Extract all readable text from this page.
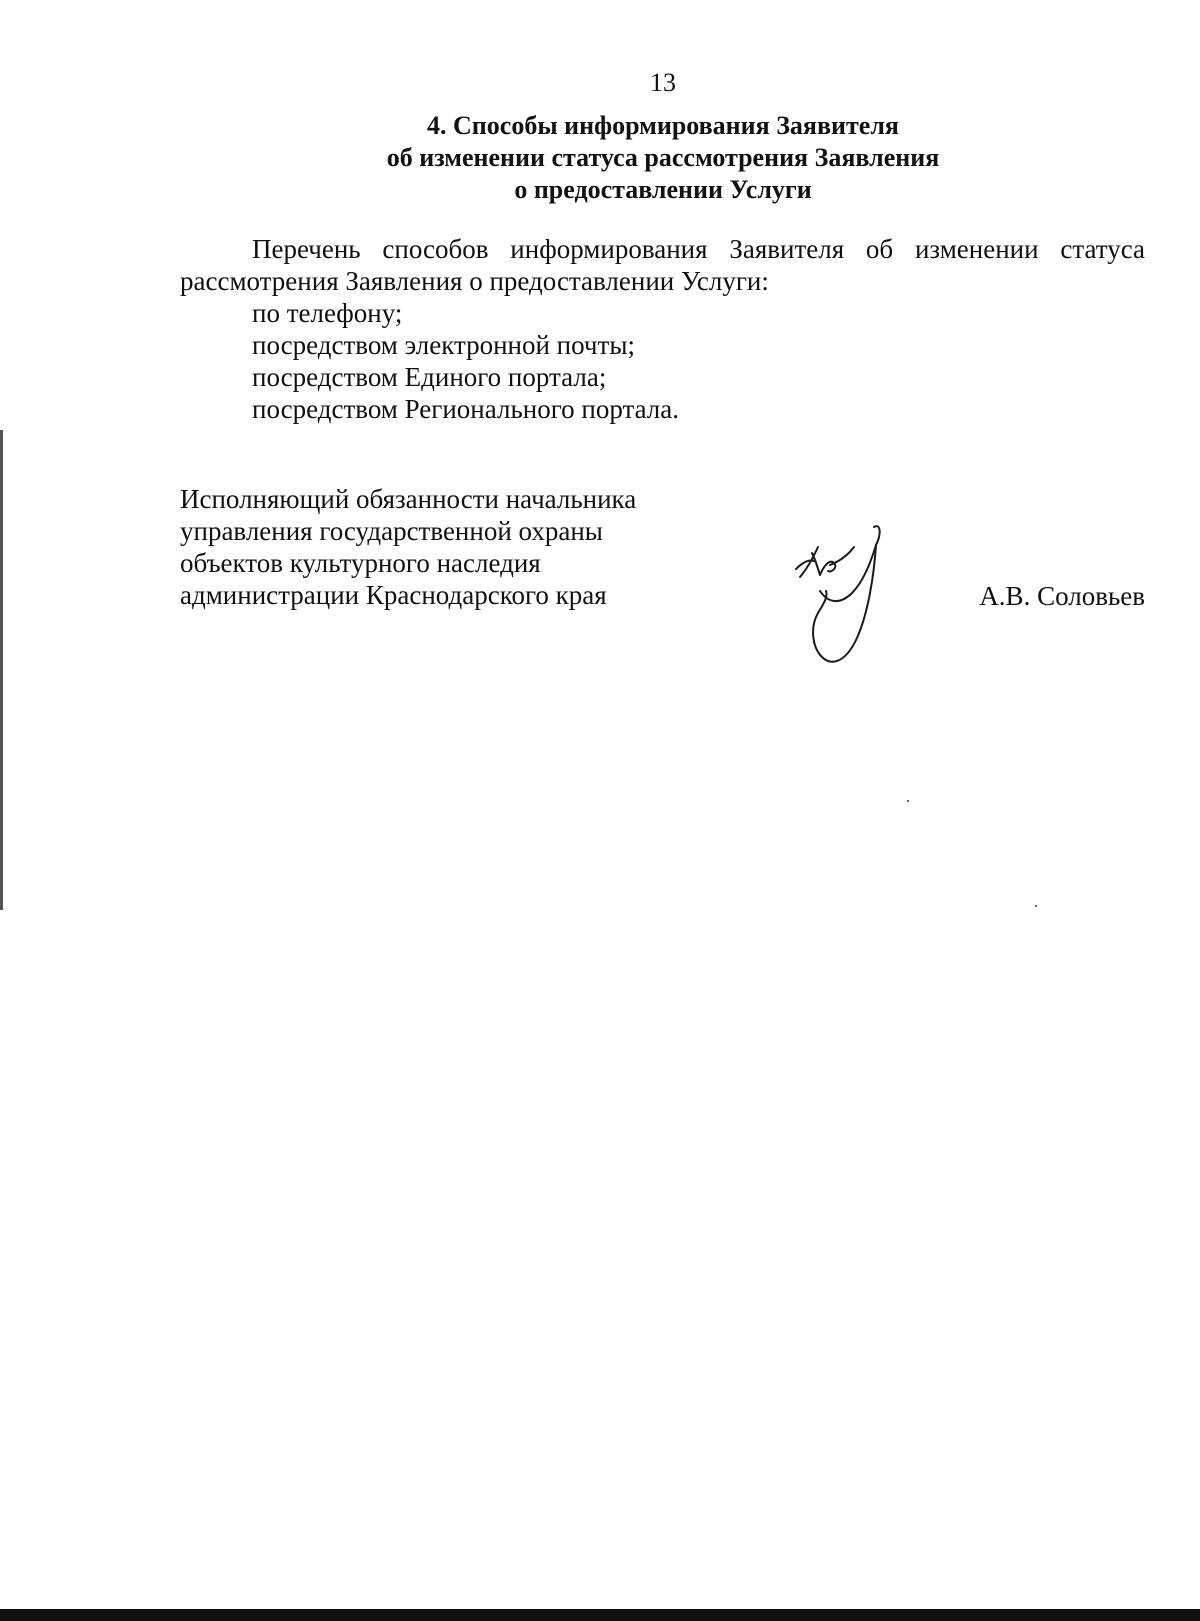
13
4. Способы информирования Заявителя
об изменении статуса рассмотрения Заявления
о предоставлении Услуги

Перечень способов информирования Заявителя об изменении статуса рассмотрения Заявления о предоставлении Услуги:

по телефону;
посредством электронной почты;
посредством Единого портала;
посредством Регионального портала.
Исполняющий обязанности начальника
управления государственной охраны
объектов культурного наследия
администрации Краснодарского края	А.В. Соловьев
